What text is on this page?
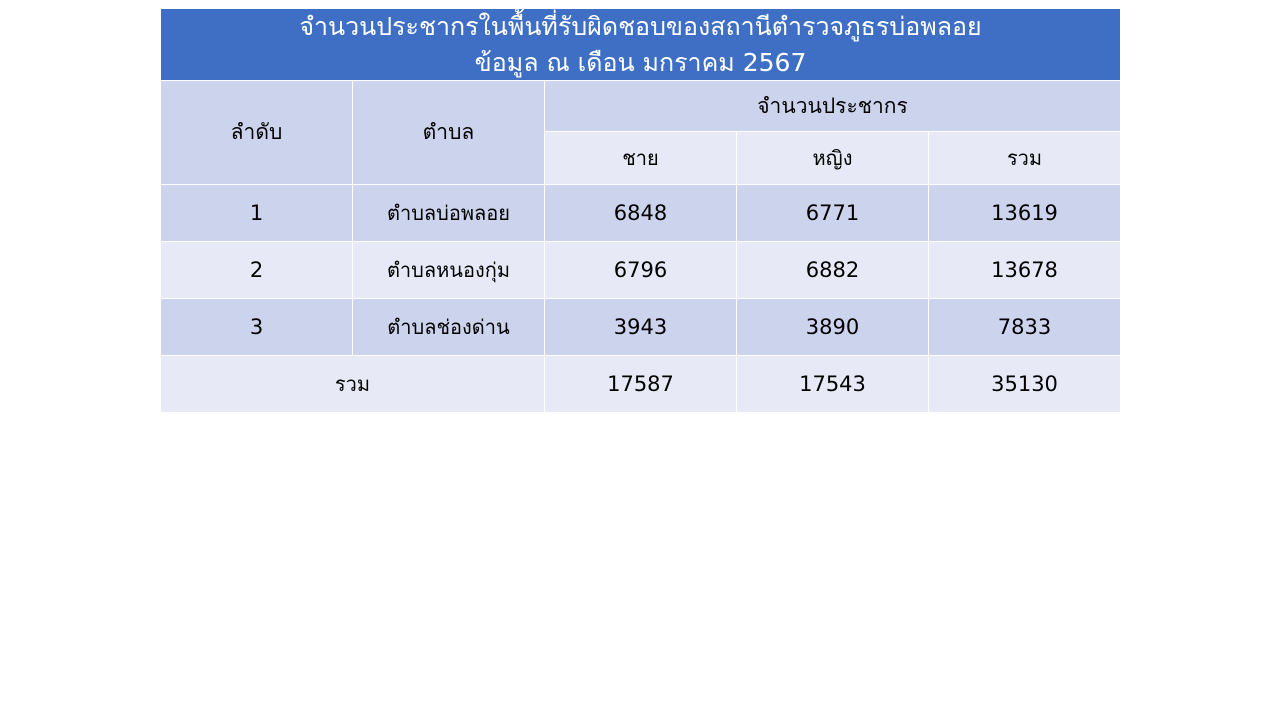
จำนวนประชากรในพื้นที่รับผิดชอบของสถานีตำรวจภูธรบ่อพลอย
ข้อมูล ณ เดือน มกราคม 2567				

ลำดับ	ตำบล	จำนวนประชากร		
		ชาย	หญิง	รวม
1	ตำบลบ่อพลอย	6848	6771	13619
2	ตำบลหนองกุ่ม	6796	6882	13678
3	ตำบลช่องด่าน	3943	3890	7833
รวม		17587	17543	35130
